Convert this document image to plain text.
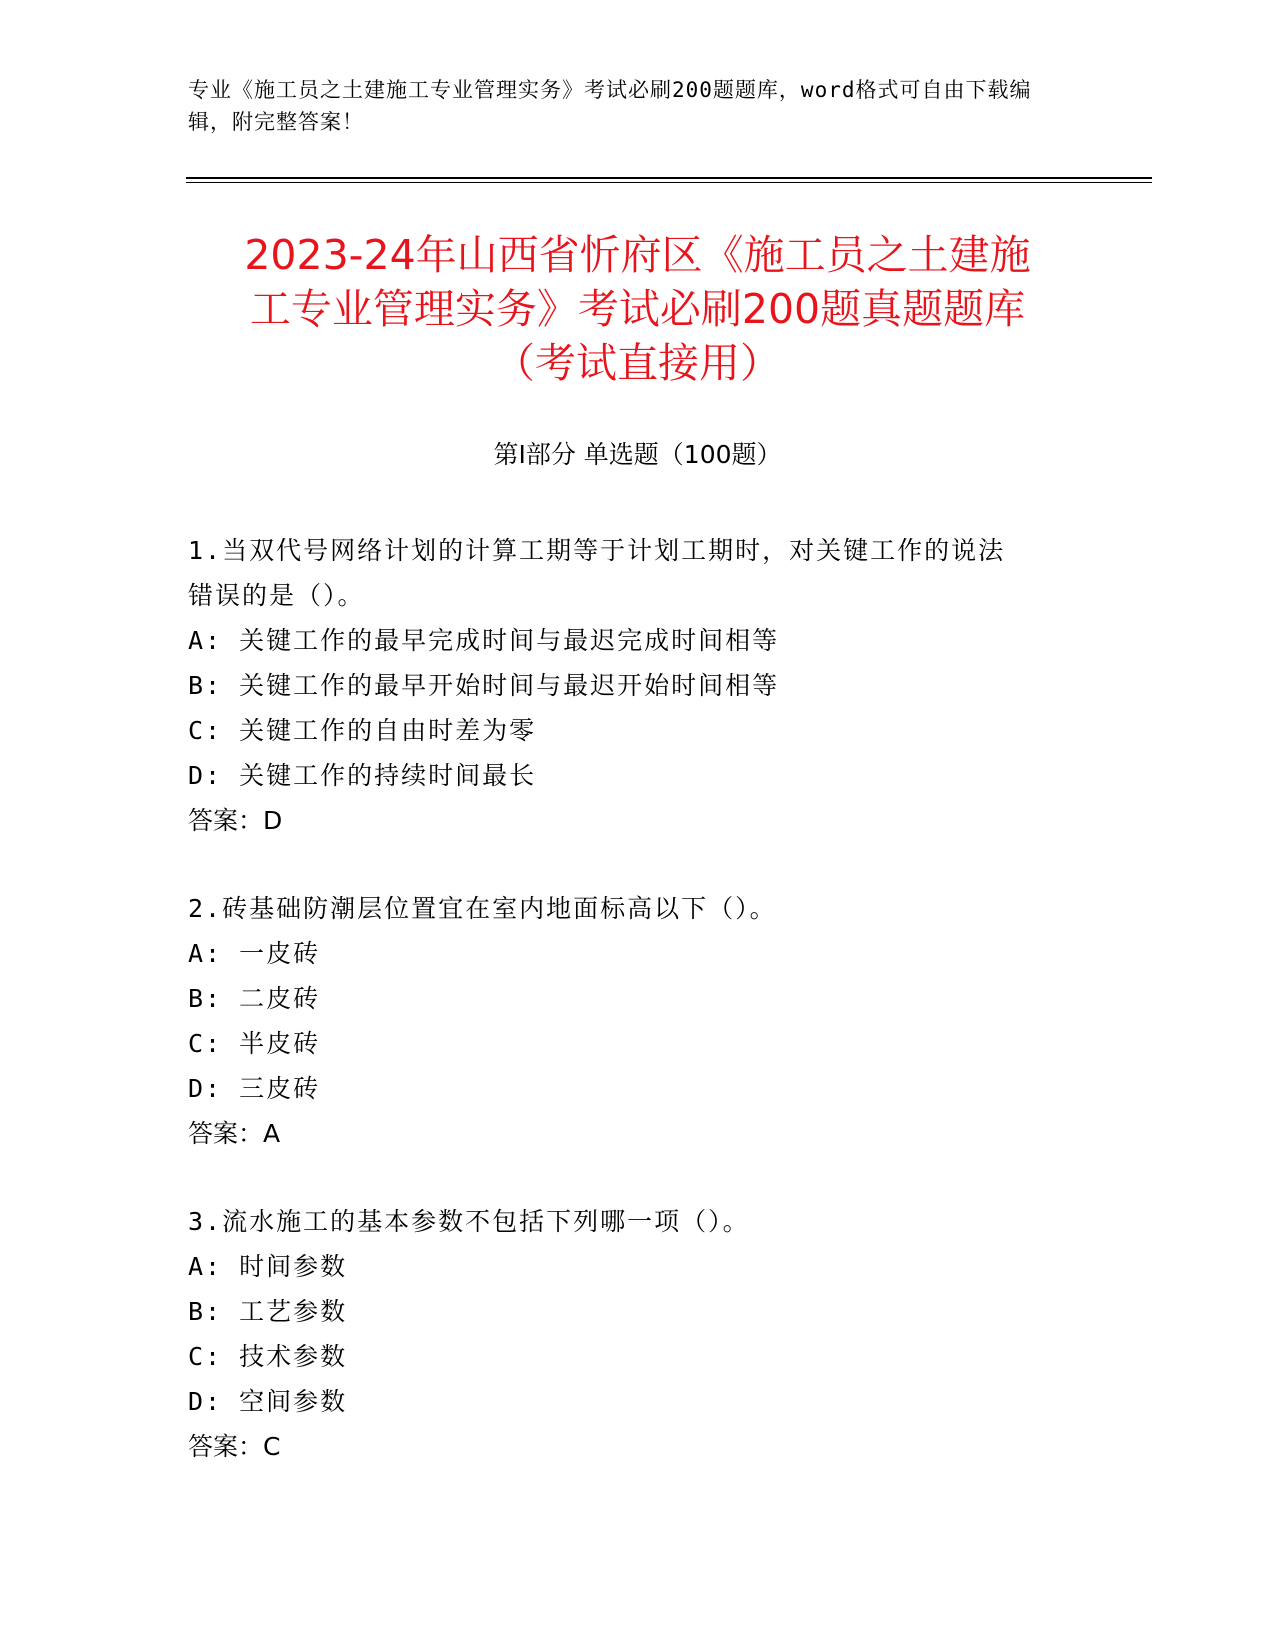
专业《施工员之土建施工专业管理实务》考试必刷200题题库，word格式可自由下载编辑，附完整答案！
2023-24年山西省忻府区《施工员之土建施
工专业管理实务》考试必刷200题真题题库
（考试直接用）
第Ⅰ部分 单选题（100题）
1.当双代号网络计划的计算工期等于计划工期时，对关键工作的说法
错误的是（）。
A: 关键工作的最早完成时间与最迟完成时间相等
B: 关键工作的最早开始时间与最迟开始时间相等
C: 关键工作的自由时差为零
D: 关键工作的持续时间最长
答案：D
2.砖基础防潮层位置宜在室内地面标高以下（）。
A: 一皮砖
B: 二皮砖
C: 半皮砖
D: 三皮砖
答案：A
3.流水施工的基本参数不包括下列哪一项（）。
A: 时间参数
B: 工艺参数
C: 技术参数
D: 空间参数
答案：C
